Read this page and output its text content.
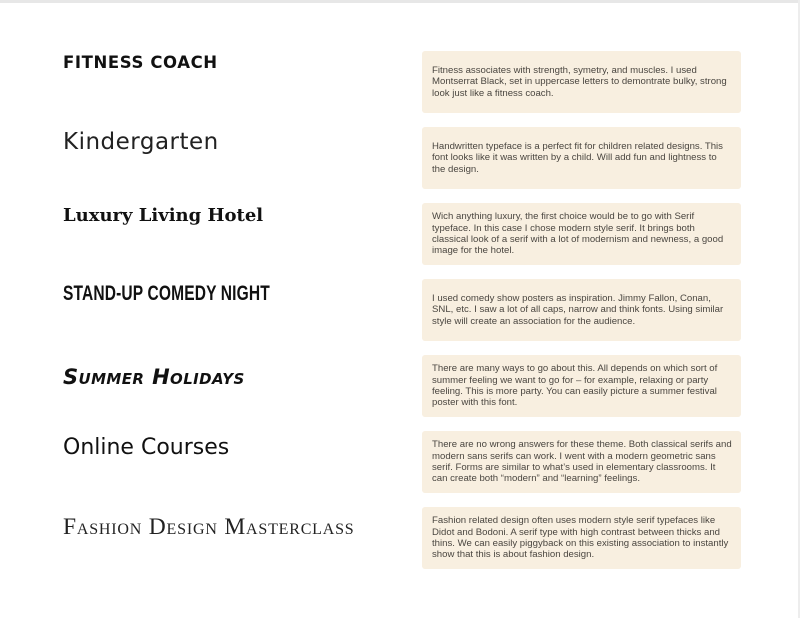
FITNESS COACH	Fitness associates with strength, symetry, and muscles. I used Montserrat Black, set in uppercase letters to demontrate bulky, strong look just like a fitness coach.
Kindergarten	Handwritten typeface is a perfect fit for children related designs. This font looks like it was written by a child. Will add fun and lightness to the design.
Luxury Living Hotel	Wich anything luxury, the first choice would be to go with Serif typeface. In this case I chose modern style serif. It brings both classical look of a serif with a lot of modernism and newness, a good image for the hotel.
STAND-UP COMEDY NIGHT	I used comedy show posters as inspiration. Jimmy Fallon, Conan, SNL, etc. I saw a lot of all caps, narrow and think fonts. Using similar style will create an association for the audience.
Summer Holidays	There are many ways to go about this. All depends on which sort of summer feeling we want to go for – for example, relaxing or party feeling. This is more party. You can easily picture a summer festival poster with this font.
Online Courses	There are no wrong answers for these theme. Both classical serifs and modern sans serifs can work. I went with a modern geometric sans serif. Forms are similar to what’s used in elementary classrooms. It can create both “modern” and “learning” feelings.
Fashion Design Masterclass	Fashion related design often uses modern style serif typefaces like Didot and Bodoni. A serif type with high contrast between thicks and thins. We can easily piggyback on this existing association to instantly show that this is about fashion design.
